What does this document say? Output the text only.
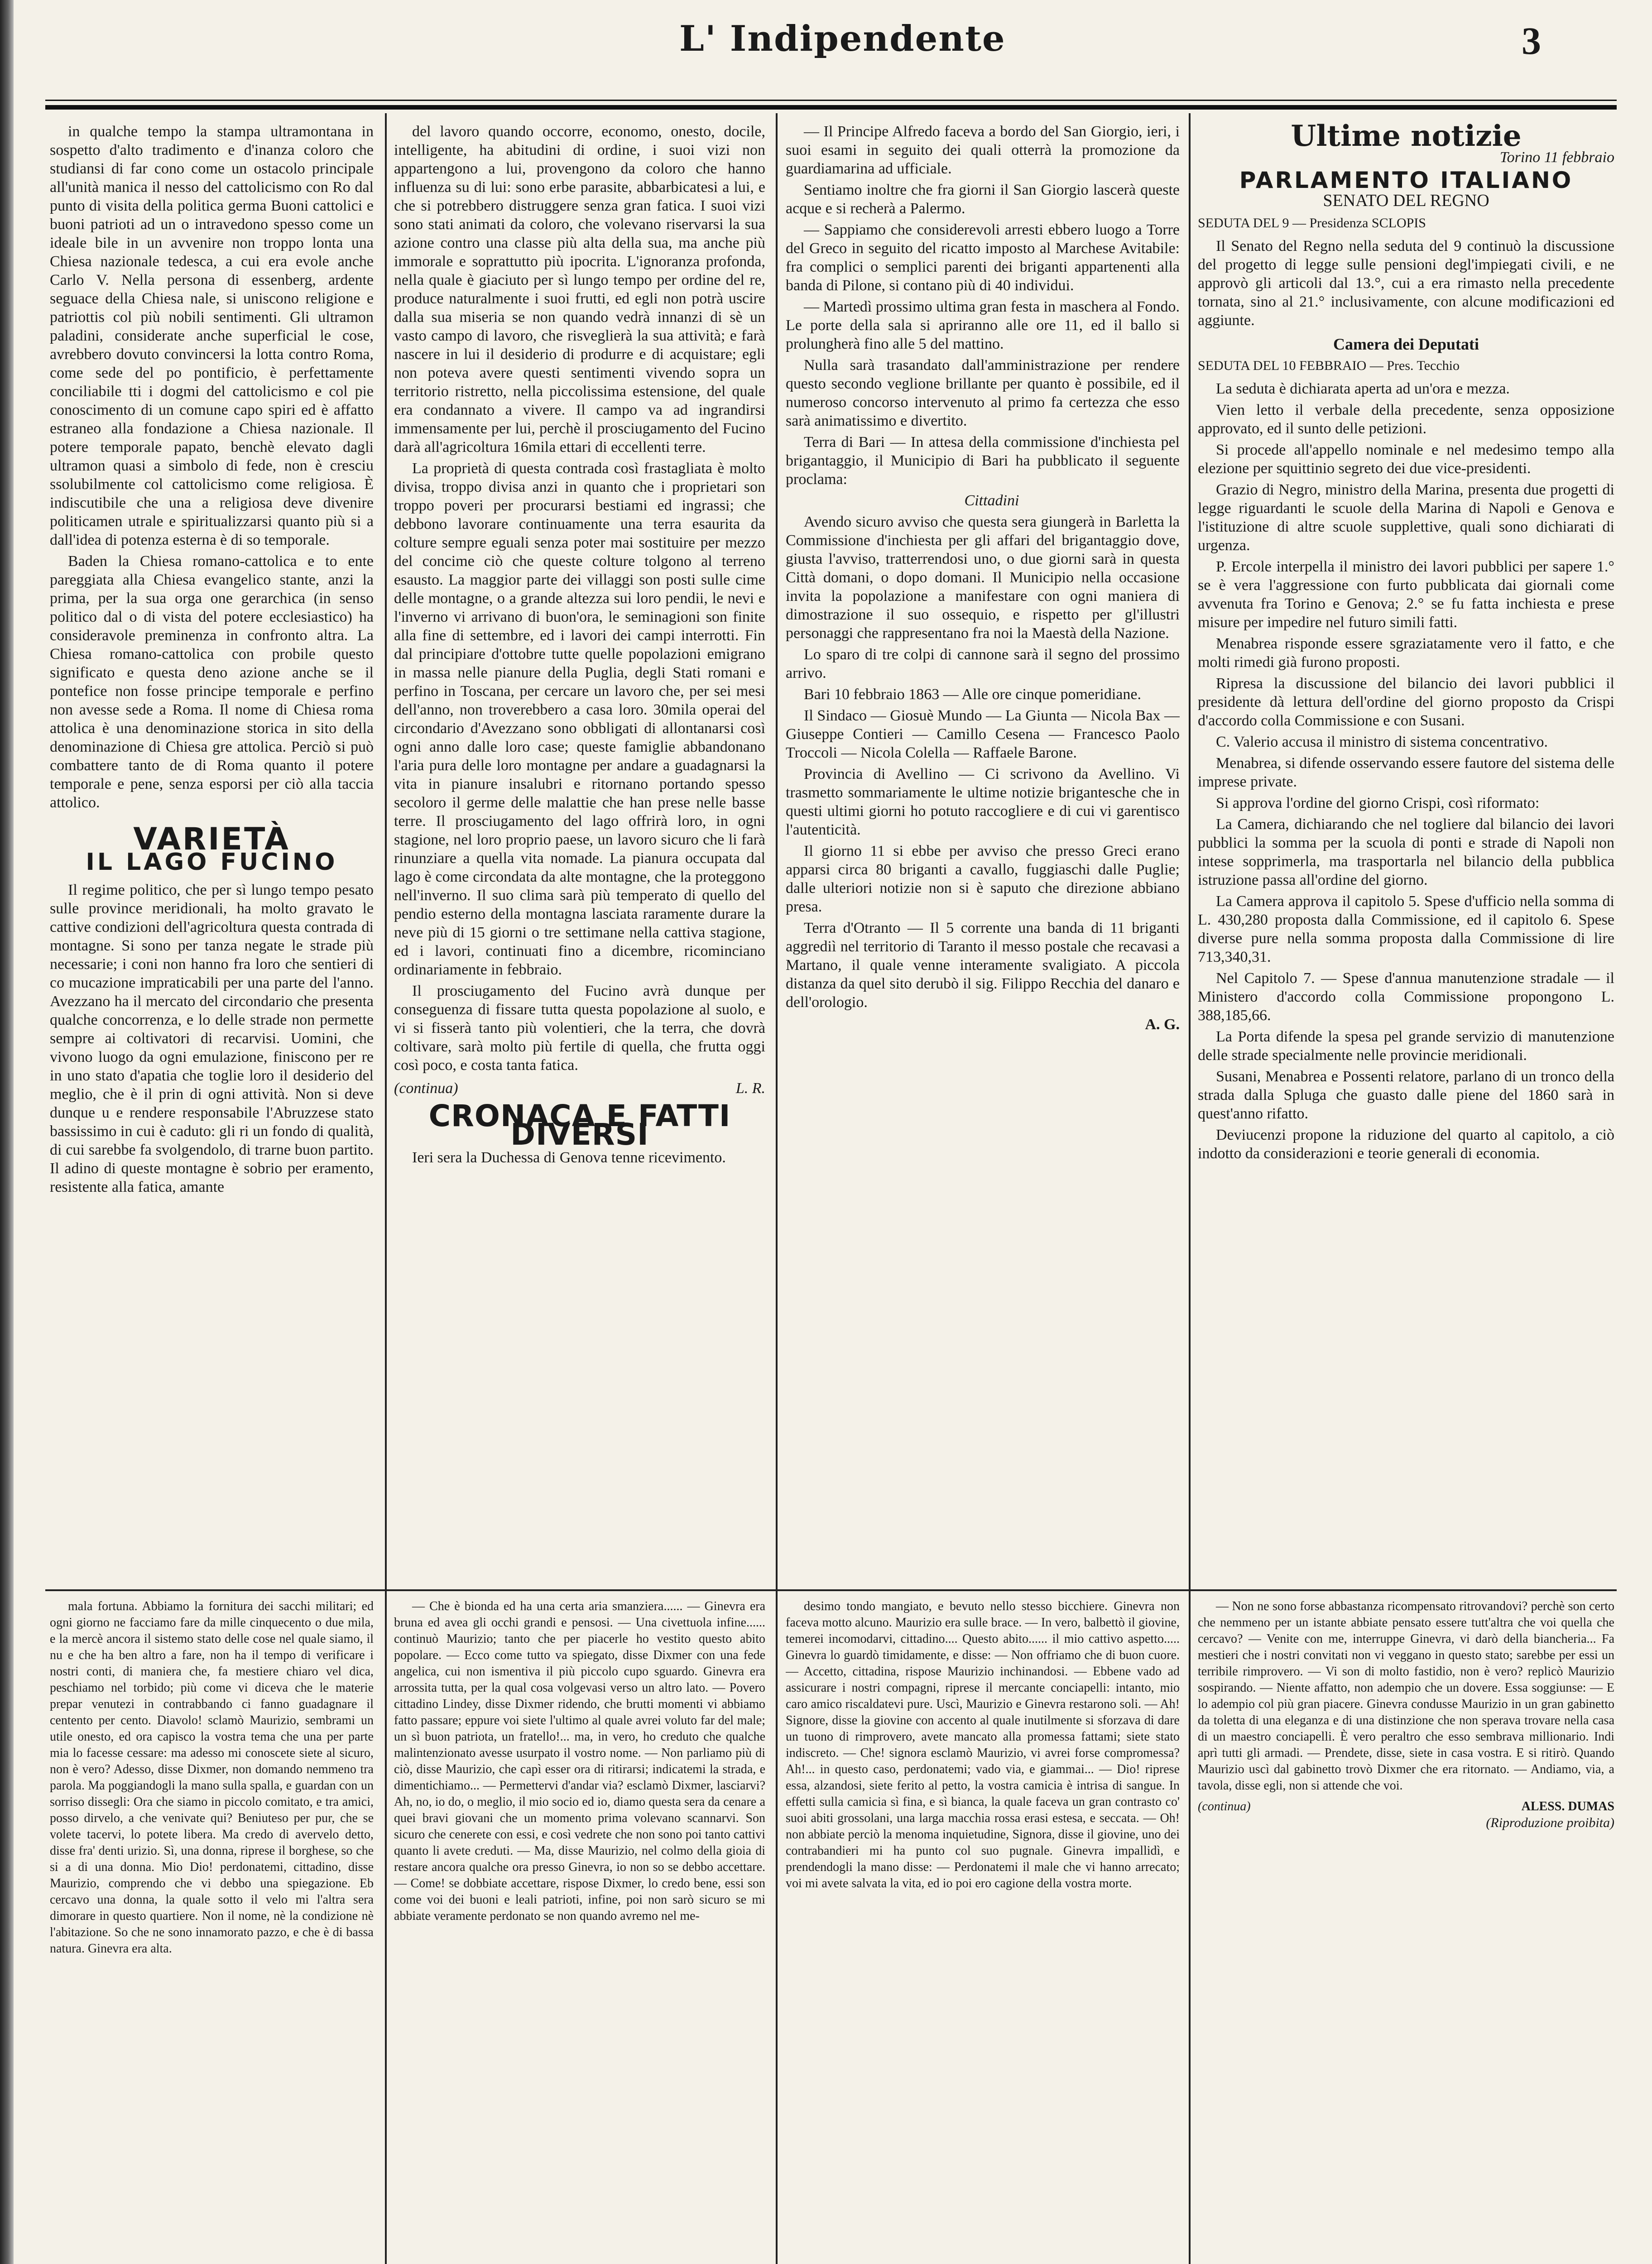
L' Indipendente	3

in qualche tempo la stampa ultramontana in sospetto d'alto tradimento e d'inanza coloro che studiansi di far cono come un ostacolo principale all'unità manica il nesso del cattolicismo con Ro dal punto di visita della politica germa Buoni cattolici e buoni patrioti ad un o intravedono spesso come un ideale bile in un avvenire non troppo lonta una Chiesa nazionale tedesca, a cui era evole anche Carlo V. Nella persona di essenberg, ardente seguace della Chiesa nale, si uniscono religione e patriottis col più nobili sentimenti. Gli ultramon paladini, considerate anche superficial le cose, avrebbero dovuto convincersi la lotta contro Roma, come sede del po pontificio, è perfettamente conciliabile tti i dogmi del cattolicismo e col pie conoscimento di un comune capo spiri ed è affatto estraneo alla fondazione a Chiesa nazionale. Il potere temporale papato, benchè elevato dagli ultramon quasi a simbolo di fede, non è cresciu ssolubilmente col cattolicismo come religiosa. È indiscutibile che una a religiosa deve divenire politicamen utrale e spiritualizzarsi quanto più si a dall'idea di potenza esterna è di so temporale.

Baden la Chiesa romano-cattolica e to ente pareggiata alla Chiesa evangelico stante, anzi la prima, per la sua orga one gerarchica (in senso politico dal o di vista del potere ecclesiastico) ha consideravole preminenza in confronto altra. La Chiesa romano-cattolica con probile questo significato e questa deno azione anche se il pontefice non fosse principe temporale e perfino non avesse sede a Roma. Il nome di Chiesa roma attolica è una denominazione storica in sito della denominazione di Chiesa gre attolica. Perciò si può combattere tanto de di Roma quanto il potere temporale e pene, senza esporsi per ciò alla taccia attolico.

VARIETÀ
IL LAGO FUCINO

Il regime politico, che per sì lungo tempo pesato sulle province meridionali, ha molto gravato le cattive condizioni dell'agricoltura questa contrada di montagne. Si sono per tanza negate le strade più necessarie; i coni non hanno fra loro che sentieri di co mucazione impraticabili per una parte del l'anno. Avezzano ha il mercato del circondario che presenta qualche concorrenza, e lo delle strade non permette sempre ai coltivatori di recarvisi. Uomini, che vivono luogo da ogni emulazione, finiscono per re in uno stato d'apatia che toglie loro il desiderio del meglio, che è il prin di ogni attività. Non si deve dunque u e rendere responsabile l'Abruzzese stato bassissimo in cui è caduto: gli ri un fondo di qualità, di cui sarebbe fa svolgendolo, di trarne buon partito. Il adino di queste montagne è sobrio per eramento, resistente alla fatica, amante

mala fortuna. Abbiamo la fornitura dei sacchi militari; ed ogni giorno ne facciamo fare da mille cinquecento o due mila, e la mercè ancora il sistemo stato delle cose nel quale siamo, il nu e che ha ben altro a fare, non ha il tempo di verificare i nostri conti, di maniera che, fa mestiere chiaro vel dica, peschiamo nel torbido; più come vi diceva che le materie prepar venutezi in contrabbando ci fanno guadagnare il centento per cento. Diavolo! sclamò Maurizio, sembrami un utile onesto, ed ora capisco la vostra tema che una per parte mia lo facesse cessare: ma adesso mi conoscete siete al sicuro, non è vero? Adesso, disse Dixmer, non domando nemmeno tra parola. Ma poggiandogli la mano sulla spalla, e guardan con un sorriso dissegli: Ora che siamo in piccolo comitato, e tra amici, posso dirvelo, a che venivate qui? Beniuteso per pur, che se volete tacervi, lo potete libera. Ma credo di avervelo detto, disse fra' denti urizio. Sì, una donna, riprese il borghese, so che si a di una donna. Mio Dio! perdonatemi, cittadino, disse Maurizio, comprendo che vi debbo una spiegazione. Eb cercavo una donna, la quale sotto il velo mi l'altra sera dimorare in questo quartiere. Non il nome, nè la condizione nè l'abitazione. So che ne sono innamorato pazzo, e che è di bassa natura. Ginevra era alta.

del lavoro quando occorre, economo, onesto, docile, intelligente, ha abitudini di ordine, i suoi vizi non appartengono a lui, provengono da coloro che hanno influenza su di lui: sono erbe parasite, abbarbicatesi a lui, e che si potrebbero distruggere senza gran fatica. I suoi vizi sono stati animati da coloro, che volevano riservarsi la sua azione contro una classe più alta della sua, ma anche più immorale e soprattutto più ipocrita. L'ignoranza profonda, nella quale è giaciuto per sì lungo tempo per ordine del re, produce naturalmente i suoi frutti, ed egli non potrà uscire dalla sua miseria se non quando vedrà innanzi di sè un vasto campo di lavoro, che risveglierà la sua attività; e farà nascere in lui il desiderio di produrre e di acquistare; egli non poteva avere questi sentimenti vivendo sopra un territorio ristretto, nella piccolissima estensione, del quale era condannato a vivere. Il campo va ad ingrandirsi immensamente per lui, perchè il prosciugamento del Fucino darà all'agricoltura 16mila ettari di eccellenti terre.

La proprietà di questa contrada così frastagliata è molto divisa, troppo divisa anzi in quanto che i proprietari son troppo poveri per procurarsi bestiami ed ingrassi; che debbono lavorare continuamente una terra esaurita da colture sempre eguali senza poter mai sostituire per mezzo del concime ciò che queste colture tolgono al terreno esausto. La maggior parte dei villaggi son posti sulle cime delle montagne, o a grande altezza sui loro pendii, le nevi e l'inverno vi arrivano di buon'ora, le seminagioni son finite alla fine di settembre, ed i lavori dei campi interrotti. Fin dal principiare d'ottobre tutte quelle popolazioni emigrano in massa nelle pianure della Puglia, degli Stati romani e perfino in Toscana, per cercare un lavoro che, per sei mesi dell'anno, non troverebbero a casa loro. 30mila operai del circondario d'Avezzano sono obbligati di allontanarsi così ogni anno dalle loro case; queste famiglie abbandonano l'aria pura delle loro montagne per andare a guadagnarsi la vita in pianure insalubri e ritornano portando spesso secoloro il germe delle malattie che han prese nelle basse terre. Il prosciugamento del lago offrirà loro, in ogni stagione, nel loro proprio paese, un lavoro sicuro che li farà rinunziare a quella vita nomade. La pianura occupata dal lago è come circondata da alte montagne, che la proteggono nell'inverno. Il suo clima sarà più temperato di quello del pendio esterno della montagna lasciata raramente durare la neve più di 15 giorni o tre settimane nella cattiva stagione, ed i lavori, continuati fino a dicembre, ricominciano ordinariamente in febbraio.

Il prosciugamento del Fucino avrà dunque per conseguenza di fissare tutta questa popolazione al suolo, e vi si fisserà tanto più volentieri, che la terra, che dovrà coltivare, sarà molto più fertile di quella, che frutta oggi così poco, e costa tanta fatica.

(continua)	L. R.
CRONACA E FATTI DIVERSI

Ieri sera la Duchessa di Genova tenne ricevimento.

— Che è bionda ed ha una certa aria smanziera...... — Ginevra era bruna ed avea gli occhi grandi e pensosi. — Una civettuola infine...... continuò Maurizio; tanto che per piacerle ho vestito questo abito popolare. — Ecco come tutto va spiegato, disse Dixmer con una fede angelica, cui non ismentiva il più piccolo cupo sguardo. Ginevra era arrossita tutta, per la qual cosa volgevasi verso un altro lato. — Povero cittadino Lindey, disse Dixmer ridendo, che brutti momenti vi abbiamo fatto passare; eppure voi siete l'ultimo al quale avrei voluto far del male; un sì buon patriota, un fratello!... ma, in vero, ho creduto che qualche malintenzionato avesse usurpato il vostro nome. — Non parliamo più di ciò, disse Maurizio, che capì esser ora di ritirarsi; indicatemi la strada, e dimentichiamo... — Permettervi d'andar via? esclamò Dixmer, lasciarvi? Ah, no, io do, o meglio, il mio socio ed io, diamo questa sera da cenare a quei bravi giovani che un momento prima volevano scannarvi. Son sicuro che cenerete con essi, e così vedrete che non sono poi tanto cattivi quanto li avete creduti. — Ma, disse Maurizio, nel colmo della gioia di restare ancora qualche ora presso Ginevra, io non so se debbo accettare. — Come! se dobbiate accettare, rispose Dixmer, lo credo bene, essi son come voi dei buoni e leali patrioti, infine, poi non sarò sicuro se mi abbiate veramente perdonato se non quando avremo nel me-

— Il Principe Alfredo faceva a bordo del San Giorgio, ieri, i suoi esami in seguito dei quali otterrà la promozione da guardiamarina ad ufficiale.

Sentiamo inoltre che fra giorni il San Giorgio lascerà queste acque e si recherà a Palermo.

— Sappiamo che considerevoli arresti ebbero luogo a Torre del Greco in seguito del ricatto imposto al Marchese Avitabile: fra complici o semplici parenti dei briganti appartenenti alla banda di Pilone, si contano più di 40 individui.

— Martedì prossimo ultima gran festa in maschera al Fondo. Le porte della sala si apriranno alle ore 11, ed il ballo si prolungherà fino alle 5 del mattino.

Nulla sarà trasandato dall'amministrazione per rendere questo secondo veglione brillante per quanto è possibile, ed il numeroso concorso intervenuto al primo fa certezza che esso sarà animatissimo e divertito.

Terra di Bari — In attesa della commissione d'inchiesta pel brigantaggio, il Municipio di Bari ha pubblicato il seguente proclama:

Cittadini

Avendo sicuro avviso che questa sera giungerà in Barletta la Commissione d'inchiesta per gli affari del brigantaggio dove, giusta l'avviso, tratterrendosi uno, o due giorni sarà in questa Città domani, o dopo domani. Il Municipio nella occasione invita la popolazione a manifestare con ogni maniera di dimostrazione il suo ossequio, e rispetto per gl'illustri personaggi che rappresentano fra noi la Maestà della Nazione.

Lo sparo di tre colpi di cannone sarà il segno del prossimo arrivo.

Bari 10 febbraio 1863 — Alle ore cinque pomeridiane.

Il Sindaco — Giosuè Mundo — La Giunta — Nicola Bax — Giuseppe Contieri — Camillo Cesena — Francesco Paolo Troccoli — Nicola Colella — Raffaele Barone.

Provincia di Avellino — Ci scrivono da Avellino. Vi trasmetto sommariamente le ultime notizie brigantesche che in questi ultimi giorni ho potuto raccogliere e di cui vi garentisco l'autenticità.

Il giorno 11 si ebbe per avviso che presso Greci erano apparsi circa 80 briganti a cavallo, fuggiaschi dalle Puglie; dalle ulteriori notizie non si è saputo che direzione abbiano presa.

Terra d'Otranto — Il 5 corrente una banda di 11 briganti aggrediì nel territorio di Taranto il messo postale che recavasi a Martano, il quale venne interamente svaligiato. A piccola distanza da quel sito derubò il sig. Filippo Recchia del danaro e dell'orologio.

A. G.

desimo tondo mangiato, e bevuto nello stesso bicchiere. Ginevra non faceva motto alcuno. Maurizio era sulle brace. — In vero, balbettò il giovine, temerei incomodarvi, cittadino.... Questo abito...... il mio cattivo aspetto..... Ginevra lo guardò timidamente, e disse: — Non offriamo che di buon cuore. — Accetto, cittadina, rispose Maurizio inchinandosi. — Ebbene vado ad assicurare i nostri compagni, riprese il mercante conciapelli: intanto, mio caro amico riscaldatevi pure. Uscì, Maurizio e Ginevra restarono soli. — Ah! Signore, disse la giovine con accento al quale inutilmente si sforzava di dare un tuono di rimprovero, avete mancato alla promessa fattami; siete stato indiscreto. — Che! signora esclamò Maurizio, vi avrei forse compromessa? Ah!... in questo caso, perdonatemi; vado via, e giammai... — Dio! riprese essa, alzandosi, siete ferito al petto, la vostra camicia è intrisa di sangue. In effetti sulla camicia sì fina, e sì bianca, la quale faceva un gran contrasto co' suoi abiti grossolani, una larga macchia rossa erasi estesa, e seccata. — Oh! non abbiate perciò la menoma inquietudine, Signora, disse il giovine, uno dei contrabandieri mi ha punto col suo pugnale. Ginevra impallidì, e prendendogli la mano disse: — Perdonatemi il male che vi hanno arrecato; voi mi avete salvata la vita, ed io poi ero cagione della vostra morte.

Ultime notizie
Torino 11 febbraio
PARLAMENTO ITALIANO
SENATO DEL REGNO
SEDUTA DEL 9 — Presidenza SCLOPIS

Il Senato del Regno nella seduta del 9 continuò la discussione del progetto di legge sulle pensioni degl'impiegati civili, e ne approvò gli articoli dal 13.°, cui a era rimasto nella precedente tornata, sino al 21.° inclusivamente, con alcune modificazioni ed aggiunte.

Camera dei Deputati
SEDUTA DEL 10 FEBBRAIO — Pres. Tecchio

La seduta è dichiarata aperta ad un'ora e mezza.

Vien letto il verbale della precedente, senza opposizione approvato, ed il sunto delle petizioni.

Si procede all'appello nominale e nel medesimo tempo alla elezione per squittinio segreto dei due vice-presidenti.

Grazio di Negro, ministro della Marina, presenta due progetti di legge riguardanti le scuole della Marina di Napoli e Genova e l'istituzione di altre scuole supplettive, quali sono dichiarati di urgenza.

P. Ercole interpella il ministro dei lavori pubblici per sapere 1.° se è vera l'aggressione con furto pubblicata dai giornali come avvenuta fra Torino e Genova; 2.° se fu fatta inchiesta e prese misure per impedire nel futuro simili fatti.

Menabrea risponde essere sgraziatamente vero il fatto, e che molti rimedi già furono proposti.

Ripresa la discussione del bilancio dei lavori pubblici il presidente dà lettura dell'ordine del giorno proposto da Crispi d'accordo colla Commissione e con Susani.

C. Valerio accusa il ministro di sistema concentrativo.

Menabrea, si difende osservando essere fautore del sistema delle imprese private.

Si approva l'ordine del giorno Crispi, così riformato:

La Camera, dichiarando che nel togliere dal bilancio dei lavori pubblici la somma per la scuola di ponti e strade di Napoli non intese sopprimerla, ma trasportarla nel bilancio della pubblica istruzione passa all'ordine del giorno.

La Camera approva il capitolo 5. Spese d'ufficio nella somma di L. 430,280 proposta dalla Commissione, ed il capitolo 6. Spese diverse pure nella somma proposta dalla Commissione di lire 713,340,31.

Nel Capitolo 7. — Spese d'annua manutenzione stradale — il Ministero d'accordo colla Commissione propongono L. 388,185,66.

La Porta difende la spesa pel grande servizio di manutenzione delle strade specialmente nelle provincie meridionali.

Susani, Menabrea e Possenti relatore, parlano di un tronco della strada dalla Spluga che guasto dalle piene del 1860 sarà in quest'anno rifatto.

Deviucenzi propone la riduzione del quarto al capitolo, a ciò indotto da considerazioni e teorie generali di economia.

— Non ne sono forse abbastanza ricompensato ritrovandovi? perchè son certo che nemmeno per un istante abbiate pensato essere tutt'altra che voi quella che cercavo? — Venite con me, interruppe Ginevra, vi darò della biancheria... Fa mestieri che i nostri convitati non vi veggano in questo stato; sarebbe per essi un terribile rimprovero. — Vi son di molto fastidio, non è vero? replicò Maurizio sospirando. — Niente affatto, non adempio che un dovere. Essa soggiunse: — E lo adempio col più gran piacere. Ginevra condusse Maurizio in un gran gabinetto da toletta di una eleganza e di una distinzione che non sperava trovare nella casa di un maestro conciapelli. È vero peraltro che esso sembrava millionario. Indi aprì tutti gli armadi. — Prendete, disse, siete in casa vostra. E si ritirò. Quando Maurizio uscì dal gabinetto trovò Dixmer che era ritornato. — Andiamo, via, a tavola, disse egli, non si attende che voi.

(continua)	ALESS. DUMAS
(Riproduzione proibita)
